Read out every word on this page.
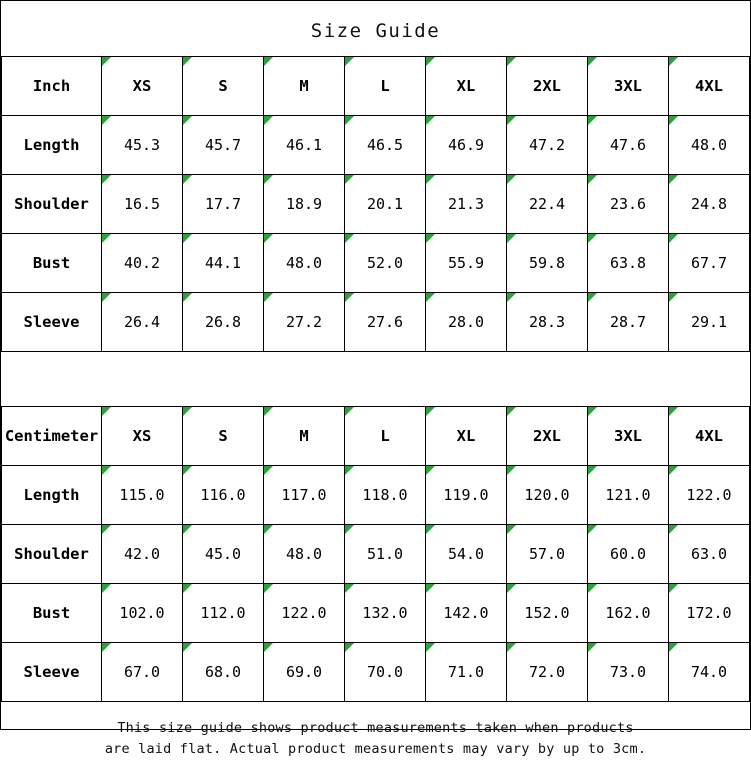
Size Guide
Inch	XS	S	M	L	XL	2XL	3XL	4XL
Length	45.3	45.7	46.1	46.5	46.9	47.2	47.6	48.0
Shoulder	16.5	17.7	18.9	20.1	21.3	22.4	23.6	24.8
Bust	40.2	44.1	48.0	52.0	55.9	59.8	63.8	67.7
Sleeve	26.4	26.8	27.2	27.6	28.0	28.3	28.7	29.1
Centimeter	XS	S	M	L	XL	2XL	3XL	4XL
Length	115.0	116.0	117.0	118.0	119.0	120.0	121.0	122.0
Shoulder	42.0	45.0	48.0	51.0	54.0	57.0	60.0	63.0
Bust	102.0	112.0	122.0	132.0	142.0	152.0	162.0	172.0
Sleeve	67.0	68.0	69.0	70.0	71.0	72.0	73.0	74.0
This size guide shows product measurements taken when products
are laid flat. Actual product measurements may vary by up to 3cm.
